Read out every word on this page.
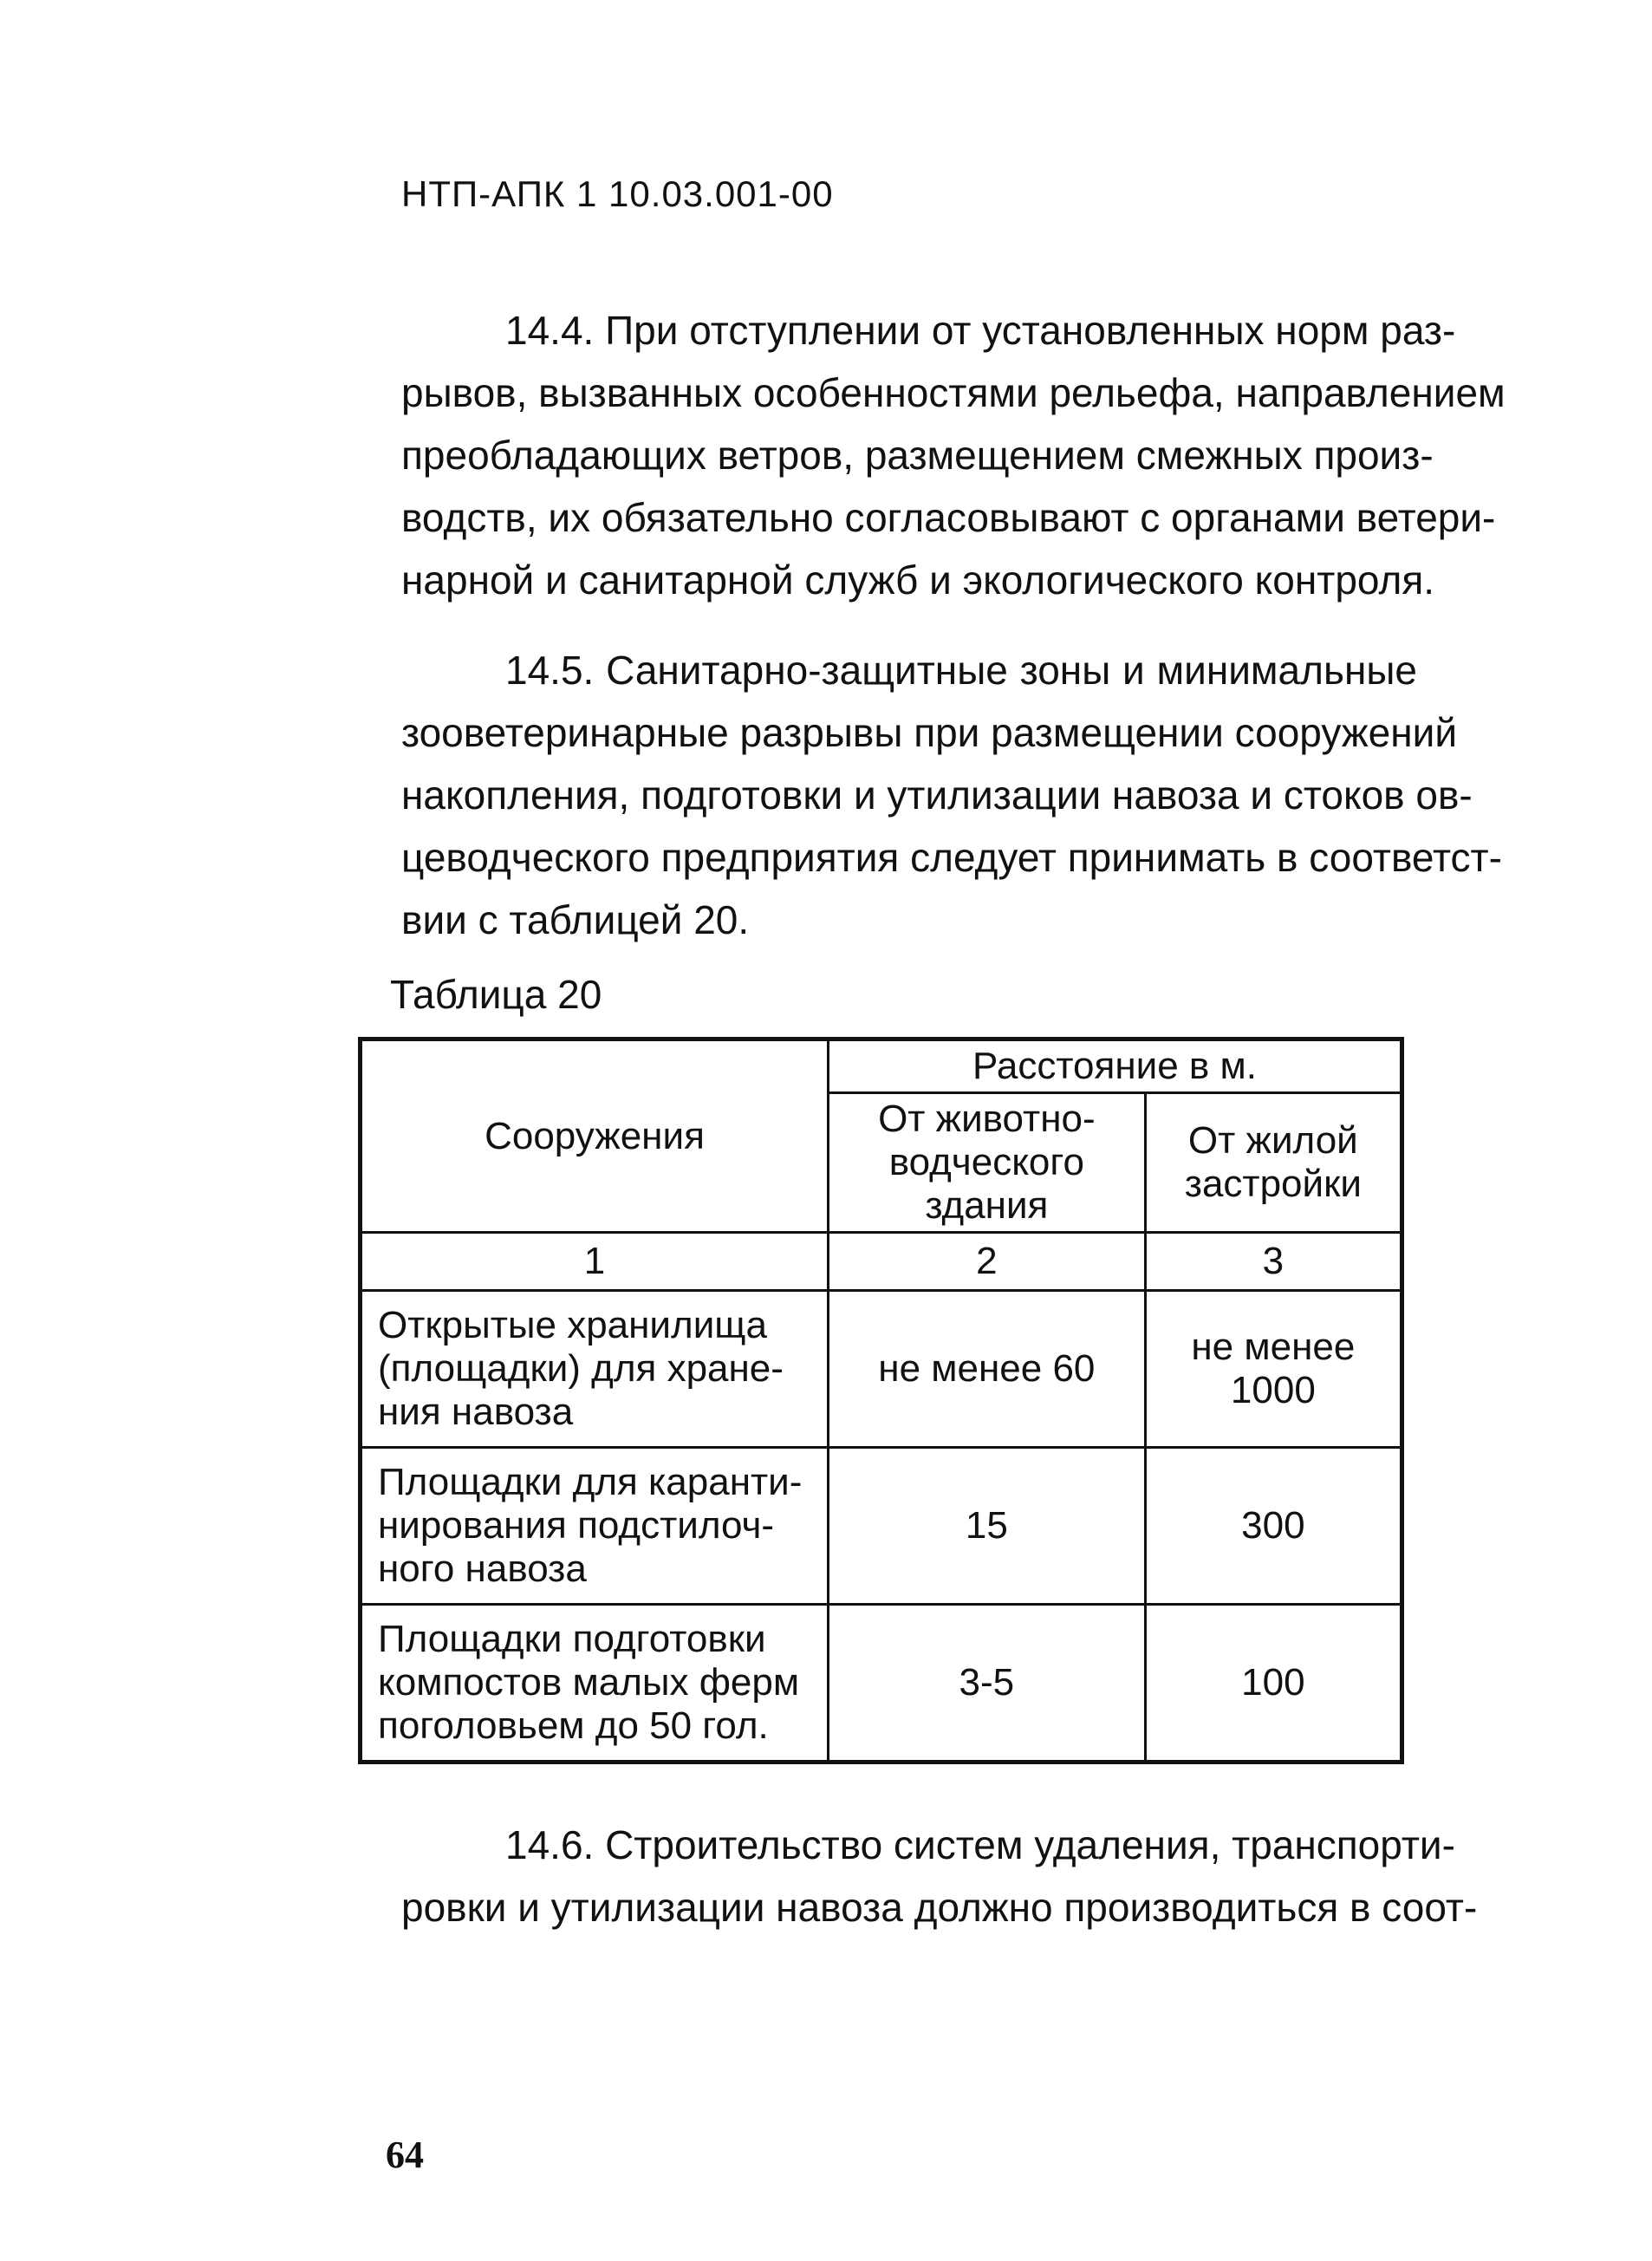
НТП-АПК 1 10.03.001-00
14.4. При отступлении от установленных норм раз-
рывов, вызванных особенностями рельефа, направлением
преобладающих ветров, размещением смежных произ-
водств, их обязательно согласовывают с органами ветери-
нарной и санитарной служб и экологического контроля.
14.5. Санитарно-защитные зоны и минимальные
зооветеринарные разрывы при размещении сооружений
накопления, подготовки и утилизации навоза и стоков ов-
цеводческого предприятия следует принимать в соответст-
вии с таблицей 20.
Таблица 20
Сооружения	Расстояние в м.	
	От животно-водческого здания	От жилой застройки
1	2	3
Открытые хранилища (площадки) для хране-ния навоза	не менее 60	не менее 1000
Площадки для каранти-нирования подстилоч-ного навоза	15	300
Площадки подготовки компостов малых ферм поголовьем до 50 гол.	3-5	100
14.6. Строительство систем удаления, транспорти-
ровки и утилизации навоза должно производиться в соот-
64
